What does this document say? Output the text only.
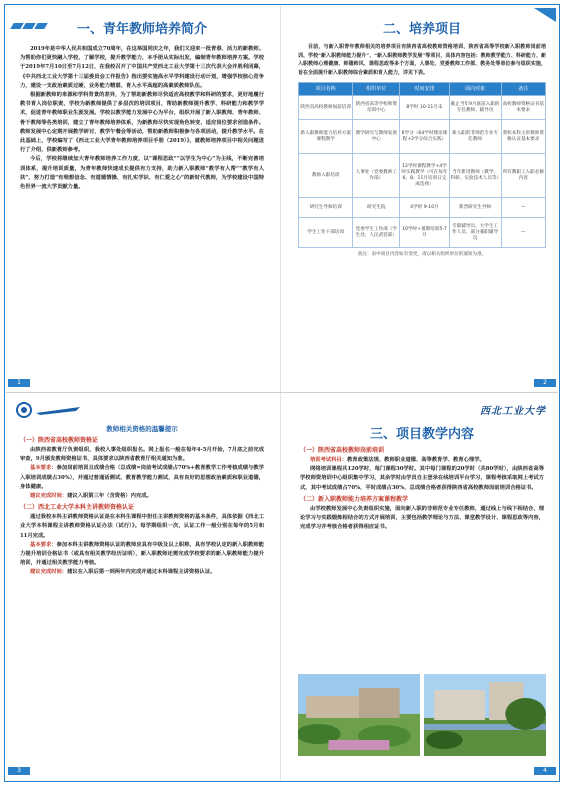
一、青年教师培养简介

2019年是中华人民共和国成立70周年，在这举国同庆之年，我们又迎来一批青春、活力的新教师。为帮助你们更快融入学校，了解学校，提升教学能力，本手册从实际出发，编制青年教师培养方案。学校于2019年7月10日至7月12日，在我校召开了中国共产党西北工业大学第十三次代表大会并胜利闭幕，《中共西北工业大学第十三届委员会工作报告》指出要实施高水平学科建设行动计划，增强学校核心竞争力，建设一支政治素质过硬、业务能力精湛、育人水平高超的高素质教师队伍。

根据新教师的来源和学科背景的差异，为了帮助新教师尽快适应高校教学和科研的要求，更好地履行教书育人岗位职责，学校为新教师提供了多层次的培训项目，帮助新教师提升教学、科研能力和教学学术，促进青年教师职业生涯发展。学校以教学能力发展中心为平台，组织开展了新入职教师、青年教师、骨干教师等各类培训，建立了青年教师培养体系，为新教师尽快实现角色转变、适应岗位要求创造条件。教师发展中心定期开展教学研讨、教学午餐会等活动，帮助新教师积极参与各项活动，提升教学水平。在此基础上，学校编写了《西北工业大学青年教师培养项目手册（2019）》，就教师培养项目中相关问题进行了介绍，供新教师参考。

今后，学校将继续加大青年教师培养工作力度，以“课程思政”“以学生为中心”为主线，不断完善培训体系，提升培训质量，为青年教师快速成长提供有力支持，助力新入职教师“教学有人帮”“教学有人扶”，努力打造“有理想信念、有道德情操、有扎实学识、有仁爱之心”的新时代教师，为学校建设中国特色世界一流大学贡献力量。

1
二、培养项目

目前，与新入职青年教师相关的培养项目有陕西省高校教师资格培训、陕西省高等学校新入职教师岗前培训、学校“新入职教师能力提升”、“新入职教师教学发展”等项目，具体内容包括：教师教学能力、科研能力、新入职教师心理健康、师德师风、课程思政等多个方面，人事处、党委教师工作部、教务处等单位参与组织实施，旨在全面提升新入职教师综合素质和育人能力，详见下表。

项目名称	组织单位	时间安排	面向对象	备注
陕西省高校教师岗前培训	陕西省高等学校师资培训中心	8学时 10-11月末	截止当年9月底前入职的专任教师、辅导员	高校教师资格证书基本要求
新入职教师能力培养方案课程教学	教学研究与教师发展中心	6学分（64学时理论课程+2学分综合实践）	新入职的非师范专业专任教师	我校本科主讲教师资格认证基本要求
教师入职培训	人事处（党委教师工作部）	12学时课程教学+4学时实践教学（可在每年6、8、11月培训日完成选择）	当年新进教师（教学、科研、实验技术人员等）	所有教职工入职必修内容
研究生导师培训	研究生院	4学时 9-10月	新晋研究生导师	—
学生工作干部培训	党委学生工作部（学生处、人民武装部）	10学时+暑期培训5-7月	专职辅导员、大学生工作人员、部分兼职辅导员	—
备注：表中项目内容如有变更，请以相关组织单位的通知为准。
2
教师相关资格的温馨提示
（一）陕西省高校教师资格证

由陕西省教育厅负责组织，我校人事处组织报名。网上报名一般在每年4-5月开始，7月底之前完成审查，9月颁发教师资格证书，具体要求以陕西省教育厅相关通知为准。

基本要求：参加岗前培训且成绩合格（总成绩=岗前考试成绩占70%+教育教学工作考核成绩与教学入职培训成绩占30%），并通过普通话测试、教育教学能力测试，具有良好的思想政治素质和职业道德，身体健康。

建议完成时间：建议入职第三年（含资格）内完成。

（二）西北工业大学本科主讲教师资格认证

通过我校本科主讲教师资格认证是在本科生课程中担任主讲教师资格的基本条件，具体依据《西北工业大学本科课程主讲教师资格认证办法（试行）》。每学期组织一次，认证工作一般分别在每年的5月和11月完成。

基本要求：参加本科主讲教师资格认证的教师应具有中级及以上职称，具有学校认定的新入职教师能力提升培训合格证书（或具有相关教学经历证明），新入职教师还需完成学校要求的新入职教师能力提升培训，并通过相关教学能力考核。

建议完成时间：建议在入职后第一到两年内完成并通过本科课程主讲资格认证。

3
西北工业大学
三、项目教学内容
（一）陕西省高校教师岗前培训

培训考试科目：教育政策法规、教师职业道德、高等教育学、教育心理学。

网络培训课程共120学时，每门课程30学时。其中每门课程的20学时（共80学时），由陕西省高等学校师资培训中心组织集中学习，其余学时由学员自主登录在线培训平台学习，课程考核采取网上考试方式，其中考试成绩占70%，平时成绩占30%，总成绩合格者获得陕西省高校教师岗前培训合格证书。

（二）新入职教师能力培养方案课程教学

由学校教师发展中心负责组织实施，面向新入职的非师范专业专任教师，通过线上与线下相结合、理论学习与实践锻炼相结合的方式开展培训，主要包括教学理论与方法、课堂教学设计、课程思政等内容，完成学习并考核合格者获得相应证书。

4
